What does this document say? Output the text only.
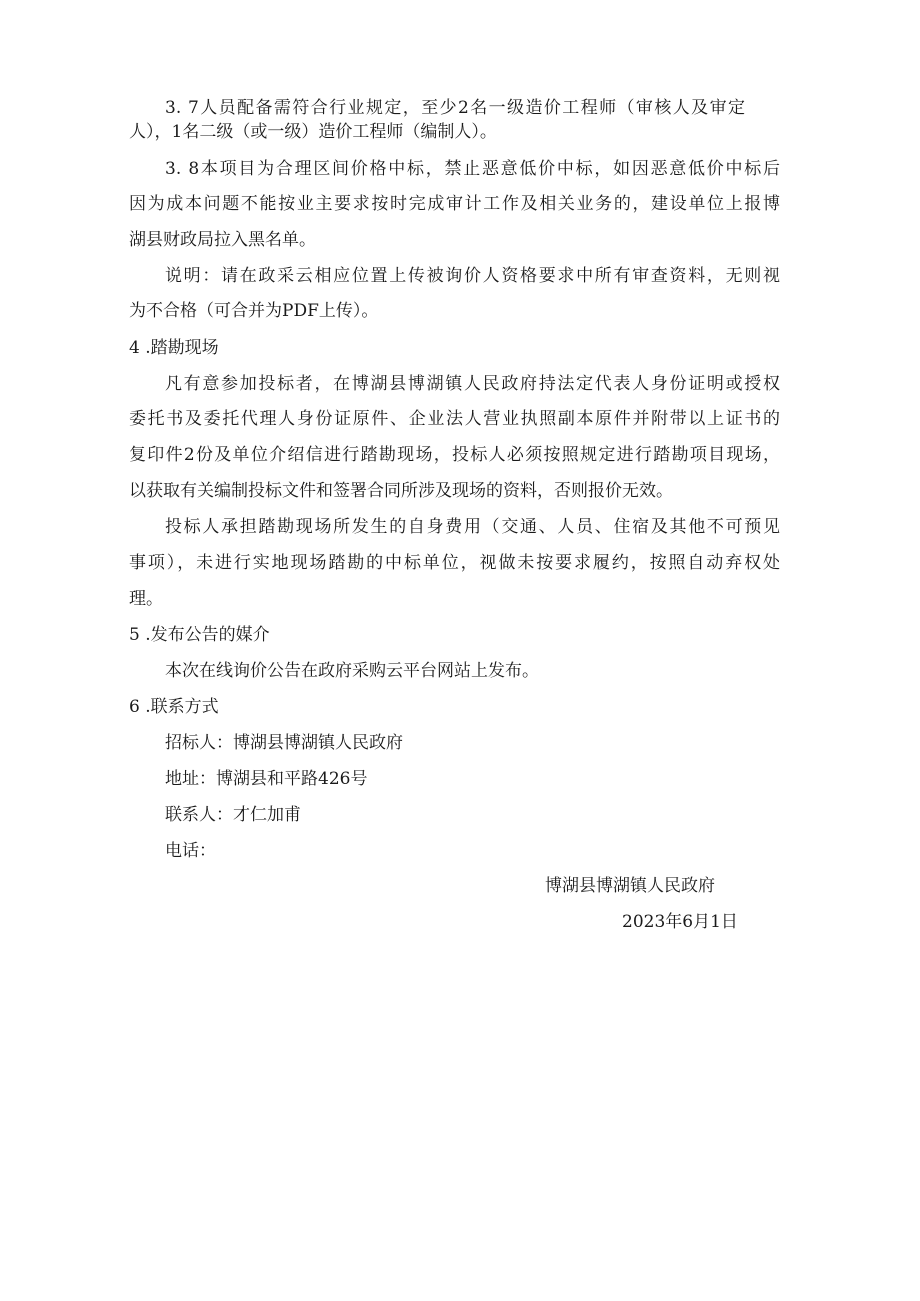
3. 7人员配备需符合行业规定，至少2名一级造价工程师（审核人及审定
人），1名二级（或一级）造价工程师（编制人）。
3. 8本项目为合理区间价格中标，禁止恶意低价中标，如因恶意低价中标后
因为成本问题不能按业主要求按时完成审计工作及相关业务的，建设单位上报博
湖县财政局拉入黑名单。
说明：请在政采云相应位置上传被询价人资格要求中所有审查资料，无则视
为不合格（可合并为PDF上传）。
4 .踏勘现场
凡有意参加投标者，在博湖县博湖镇人民政府持法定代表人身份证明或授权
委托书及委托代理人身份证原件、企业法人营业执照副本原件并附带以上证书的
复印件2份及单位介绍信进行踏勘现场，投标人必须按照规定进行踏勘项目现场，
以获取有关编制投标文件和签署合同所涉及现场的资料，否则报价无效。
投标人承担踏勘现场所发生的自身费用（交通、人员、住宿及其他不可预见
事项），未进行实地现场踏勘的中标单位，视做未按要求履约，按照自动弃权处
理。
5 .发布公告的媒介
本次在线询价公告在政府采购云平台网站上发布。
6 .联系方式
招标人：博湖县博湖镇人民政府
地址：博湖县和平路426号
联系人：才仁加甫
电话：
博湖县博湖镇人民政府
2023年6月1日
